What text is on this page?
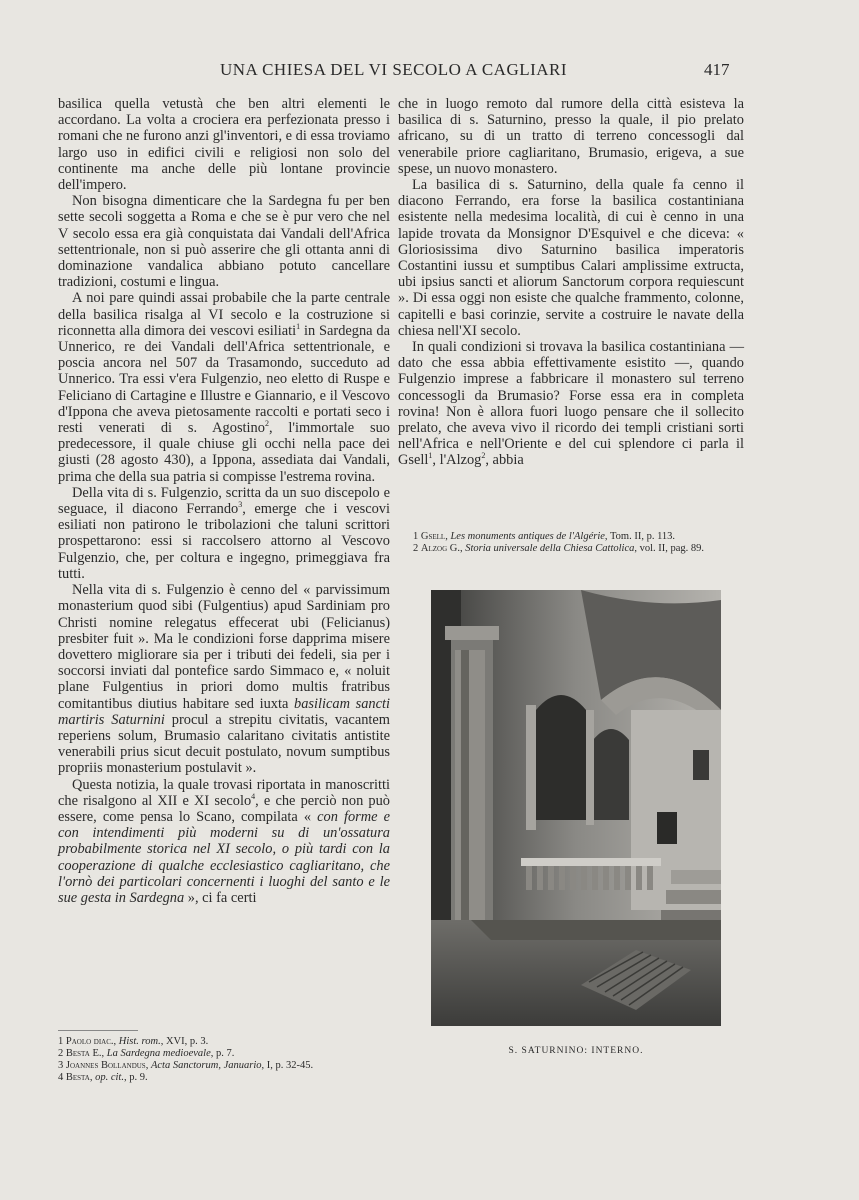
UNA CHIESA DEL VI SECOLO A CAGLIARI	417

basilica quella vetustà che ben altri elementi le accordano. La volta a crociera era perfezionata presso i romani che ne furono anzi gl'inventori, e di essa troviamo largo uso in edifici civili e religiosi non solo del continente ma anche delle più lontane provincie dell'impero.

Non bisogna dimenticare che la Sardegna fu per ben sette secoli soggetta a Roma e che se è pur vero che nel V secolo essa era già conquistata dai Vandali dell'Africa settentrionale, non si può asserire che gli ottanta anni di dominazione vandalica abbiano potuto cancellare tradizioni, costumi e lingua.

A noi pare quindi assai probabile che la parte centrale della basilica risalga al VI secolo e la costruzione si riconnetta alla dimora dei vescovi esiliati$^1$ in Sardegna da Unnerico, re dei Vandali dell'Africa settentrionale, e poscia ancora nel 507 da Trasamondo, succeduto ad Unnerico. Tra essi v'era Fulgenzio, neo eletto di Ruspe e Feliciano di Cartagine e Illustre e Giannario, e il Vescovo d'Ippona che aveva pietosamente raccolti e portati seco i resti venerati di s. Agostino$^2$, l'immortale suo predecessore, il quale chiuse gli occhi nella pace dei giusti (28 agosto 430), a Ippona, assediata dai Vandali, prima che della sua patria si compisse l'estrema rovina.

Della vita di s. Fulgenzio, scritta da un suo discepolo e seguace, il diacono Ferrando$^3$, emerge che i vescovi esiliati non patirono le tribolazioni che taluni scrittori prospettarono: essi si raccolsero attorno al Vescovo Fulgenzio, che, per coltura e ingegno, primeggiava fra tutti.

Nella vita di s. Fulgenzio è cenno del « parvissimum monasterium quod sibi (Fulgentius) apud Sardiniam pro Christi nomine relegatus effecerat ubi (Felicianus) presbiter fuit ». Ma le condizioni forse dapprima misere dovettero migliorare sia per i tributi dei fedeli, sia per i soccorsi inviati dal pontefice sardo Simmaco e, « noluit plane Fulgentius in priori domo multis fratribus comitantibus diutius habitare sed iuxta basilicam sancti martiris Saturnini procul a strepitu civitatis, vacantem reperiens solum, Brumasio calaritano civitatis antistite venerabili prius sicut decuit postulato, novum sumptibus propriis monasterium postulavit ».

Questa notizia, la quale trovasi riportata in manoscritti che risalgono al XII e XI secolo$^4$, e che perciò non può essere, come pensa lo Scano, compilata « con forme e con intendimenti più moderni su di un'ossatura probabilmente storica nel XI secolo, o più tardi con la cooperazione di qualche ecclesiastico cagliaritano, che l'ornò dei particolari concernenti i luoghi del santo e le sue gesta in Sardegna », ci fa certi

1 Paolo diac., Hist. rom., XVI, p. 3.
2 Besta E., La Sardegna medioevale, p. 7.
3 Joannes Bollandus, Acta Sanctorum, Januario, I, p. 32-45.
4 Besta, op. cit., p. 9.

che in luogo remoto dal rumore della città esisteva la basilica di s. Saturnino, presso la quale, il pio prelato africano, su di un tratto di terreno concessogli dal venerabile priore cagliaritano, Brumasio, erigeva, a sue spese, un nuovo monastero.

La basilica di s. Saturnino, della quale fa cenno il diacono Ferrando, era forse la basilica costantiniana esistente nella medesima località, di cui è cenno in una lapide trovata da Monsignor D'Esquivel e che diceva: « Gloriosissima divo Saturnino basilica imperatoris Costantini iussu et sumptibus Calari amplissime extructa, ubi ipsius sancti et aliorum Sanctorum corpora requiescunt ». Di essa oggi non esiste che qualche frammento, colonne, capitelli e basi corinzie, servite a costruire le navate della chiesa nell'XI secolo.

In quali condizioni si trovava la basilica costantiniana — dato che essa abbia effettivamente esistito —, quando Fulgenzio imprese a fabbricare il monastero sul terreno concessogli da Brumasio? Forse essa era in completa rovina! Non è allora fuori luogo pensare che il sollecito prelato, che aveva vivo il ricordo dei templi cristiani sorti nell'Africa e nell'Oriente e del cui splendore ci parla il Gsell$^1$, l'Alzog$^2$, abbia

1 Gsell, Les monuments antiques de l'Algérie, Tom. II, p. 113.
2 Alzog G., Storia universale della Chiesa Cattolica, vol. II, pag. 89.
S. SATURNINO: INTERNO.
